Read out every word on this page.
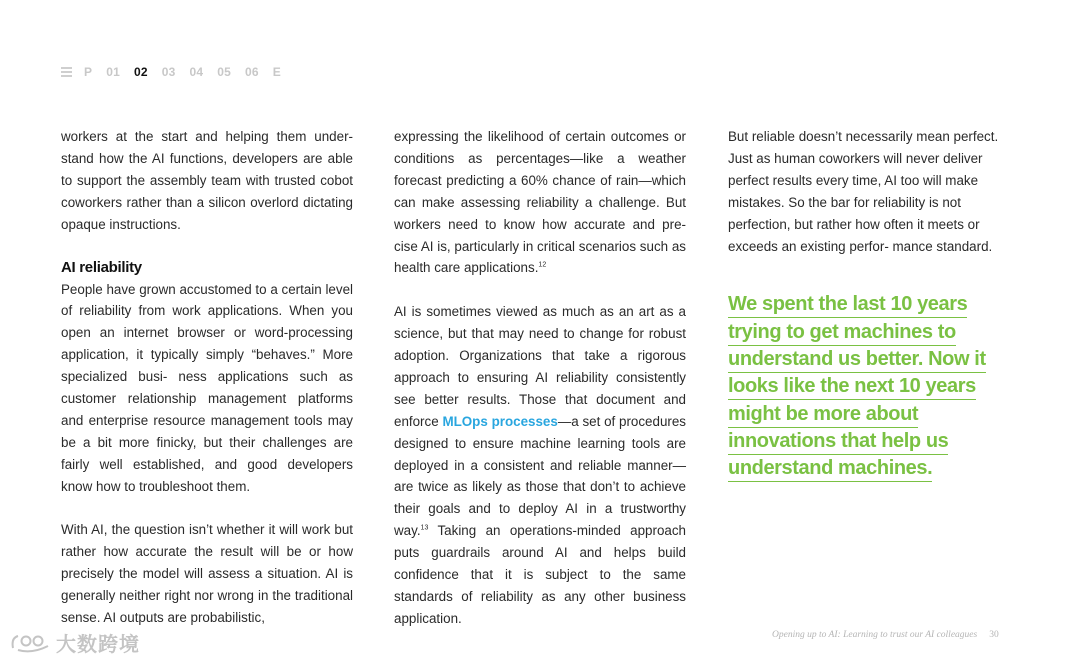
P 01 02 03 04 05 06 E

workers at the start and helping them under- stand how the AI functions, developers are able to support the assembly team with trusted cobot coworkers rather than a silicon overlord dictating opaque instructions.

AI reliability

People have grown accustomed to a certain level of reliability from work applications. When you open an internet browser or word-processing application, it typically simply “behaves.” More specialized busi- ness applications such as customer relationship management platforms and enterprise resource management tools may be a bit more finicky, but their challenges are fairly well established, and good developers know how to troubleshoot them.

With AI, the question isn’t whether it will work but rather how accurate the result will be or how precisely the model will assess a situation. AI is generally neither right nor wrong in the traditional sense. AI outputs are probabilistic,

expressing the likelihood of certain outcomes or conditions as percentages—like a weather forecast predicting a 60% chance of rain—which can make assessing reliability a challenge. But workers need to know how accurate and pre- cise AI is, particularly in critical scenarios such as health care applications.$^{12}$

AI is sometimes viewed as much as an art as a science, but that may need to change for robust adoption. Organizations that take a rigorous approach to ensuring AI reliability consistently see better results. Those that document and enforce MLOps processes—a set of procedures designed to ensure machine learning tools are deployed in a consistent and reliable manner—are twice as likely as those that don’t to achieve their goals and to deploy AI in a trustworthy way.$^{13}$ Taking an operations-minded approach puts guardrails around AI and helps build confidence that it is subject to the same standards of reliability as any other business application.

But reliable doesn’t necessarily mean perfect. Just as human coworkers will never deliver perfect results every time, AI too will make mistakes. So the bar for reliability is not perfection, but rather how often it meets or exceeds an existing perfor- mance standard.

We spent the last 10 years trying to get machines to understand us better. Now it looks like the next 10 years might be more about innovations that help us understand machines.
Opening up to AI: Learning to trust our AI colleagues 30
大数跨境
